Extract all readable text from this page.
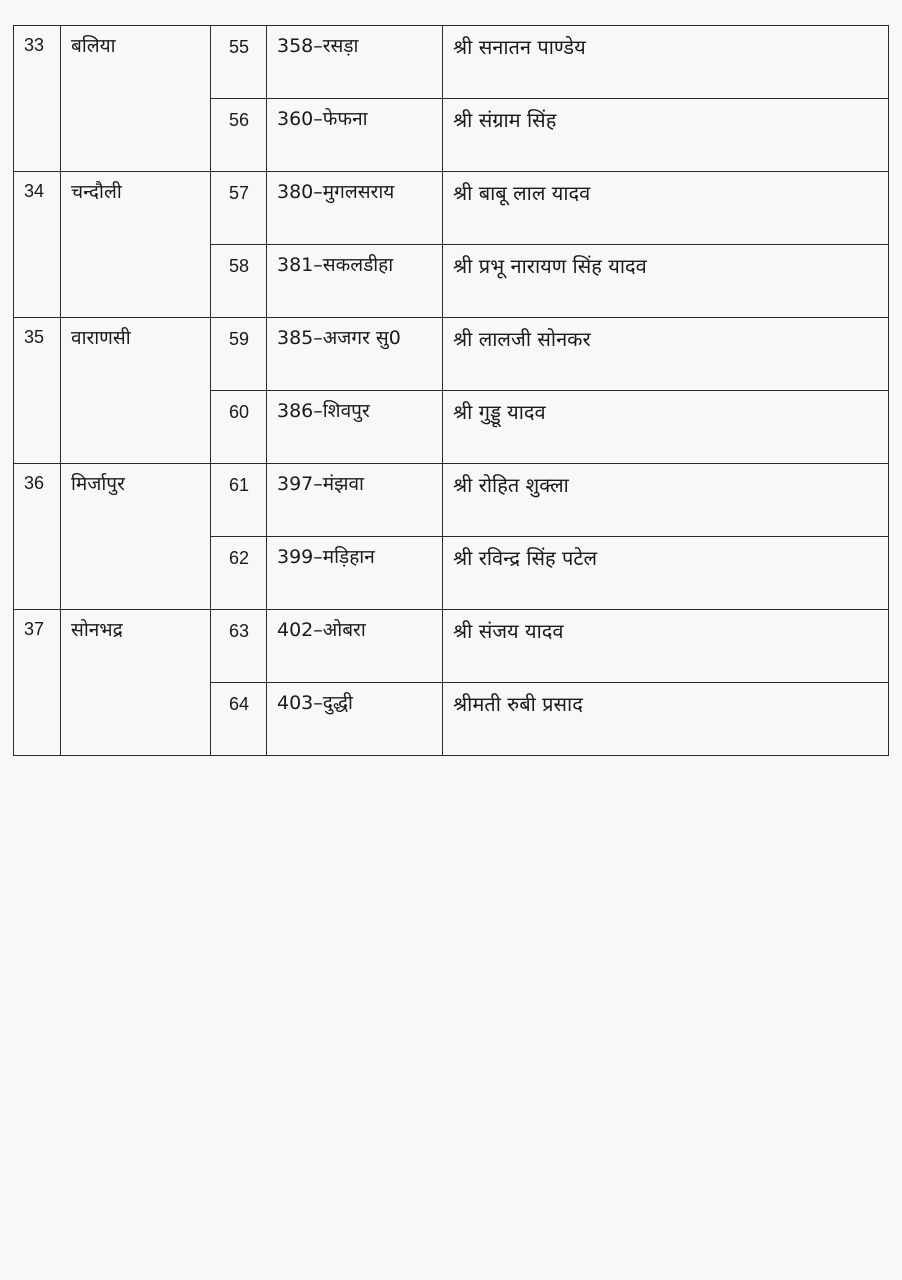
33	बलिया	55	358–रसड़ा	श्री सनातन पाण्डेय

		56	360–फेफना	श्री संग्राम सिंह

34	चन्दौली	57	380–मुगलसराय	श्री बाबू लाल यादव

		58	381–सकलडीहा	श्री प्रभू नारायण सिंह यादव

35	वाराणसी	59	385–अजगर सु0	श्री लालजी सोनकर

		60	386–शिवपुर	श्री गुड्डू यादव

36	मिर्जापुर	61	397–मंझवा	श्री रोहित शुक्ला

		62	399–मड़िहान	श्री रविन्द्र सिंह पटेल

37	सोनभद्र	63	402–ओबरा	श्री संजय यादव

		64	403–दुद्धी	श्रीमती रुबी प्रसाद
